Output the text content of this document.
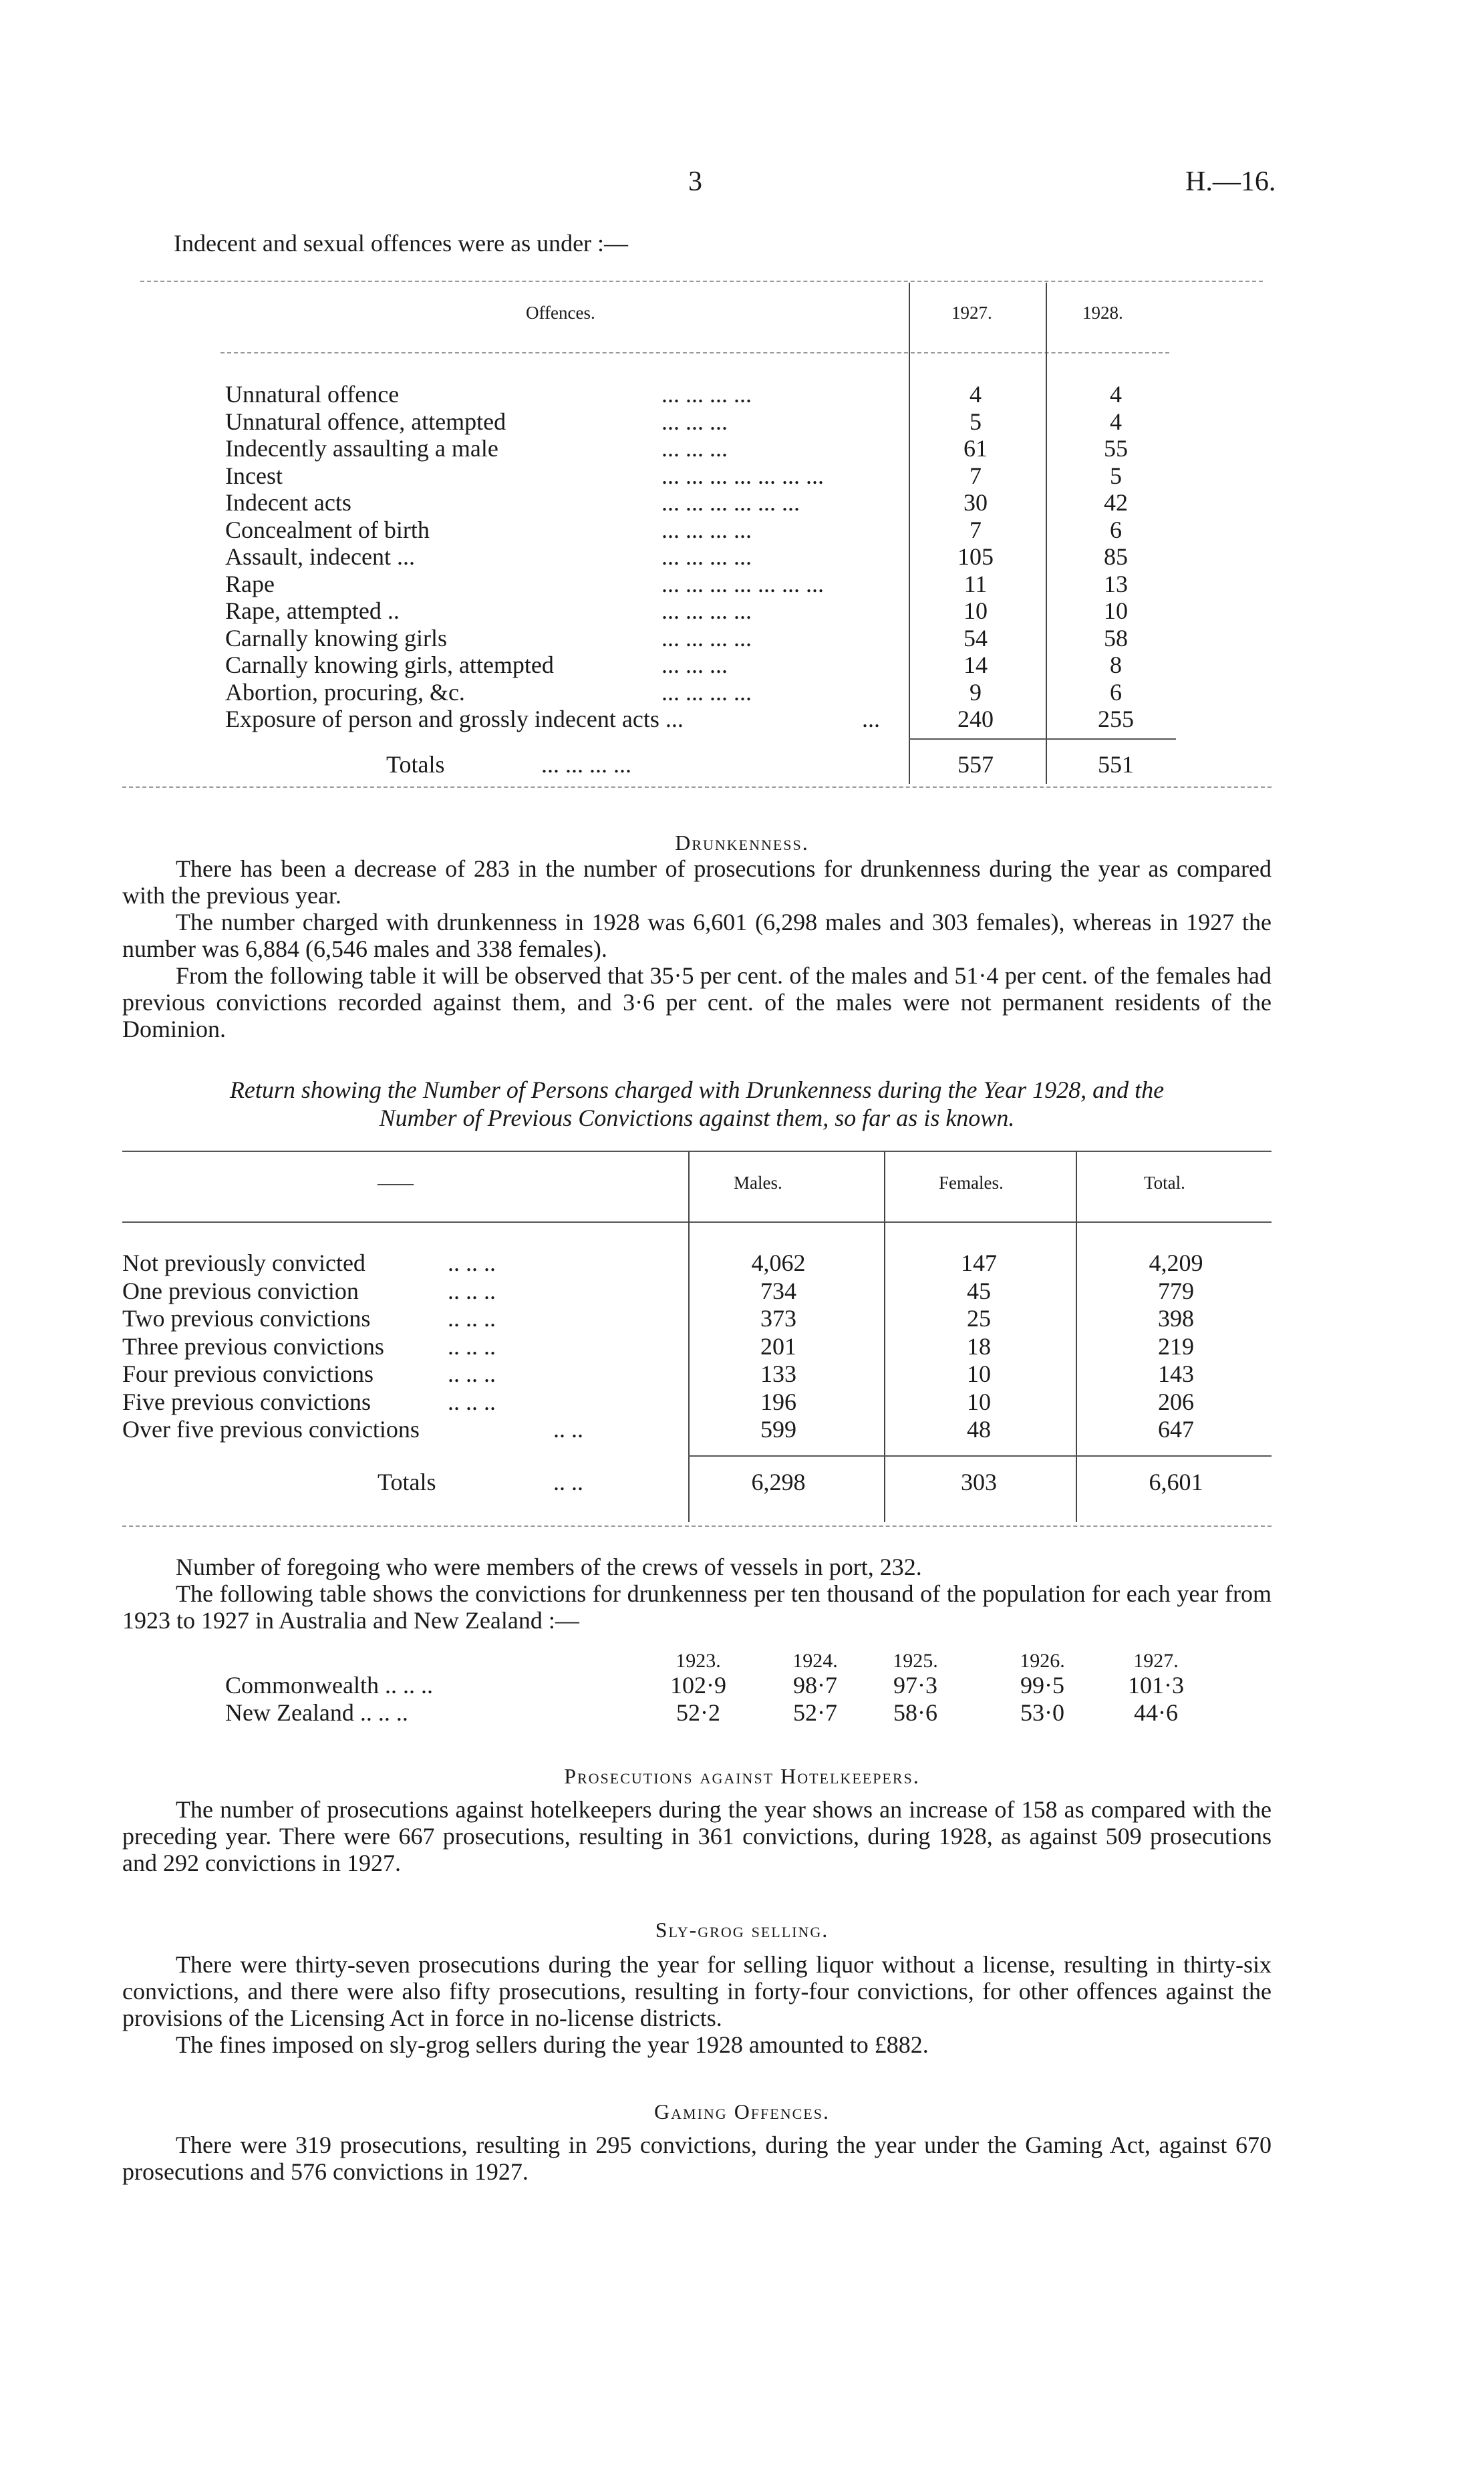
3	H.—16.
Indecent and sexual offences were as under :—
Offences.	1927.	1928.
Unnatural offence	... ... ... ...	4	4
Unnatural offence, attempted	... ... ...	5	4
Indecently assaulting a male	... ... ...	61	55
Incest	... ... ... ... ... ... ...	7	5
Indecent acts	... ... ... ... ... ...	30	42
Concealment of birth	... ... ... ...	7	6
Assault, indecent ...	... ... ... ...	105	85
Rape	... ... ... ... ... ... ...	11	13
Rape, attempted ..	... ... ... ...	10	10
Carnally knowing girls	... ... ... ...	54	58
Carnally knowing girls, attempted	... ... ...	14	8
Abortion, procuring, &c.	... ... ... ...	9	6
Exposure of person and grossly indecent acts ...	...	240	255
Totals	... ... ... ...	557	551
Drunkenness.
There has been a decrease of 283 in the number of prosecutions for drunkenness during the year as compared with the previous year.
The number charged with drunkenness in 1928 was 6,601 (6,298 males and 303 females), whereas in 1927 the number was 6,884 (6,546 males and 338 females).
From the following table it will be observed that 35·5 per cent. of the males and 51·4 per cent. of the females had previous convictions recorded against them, and 3·6 per cent. of the males were not permanent residents of the Dominion.
Return showing the Number of Persons charged with Drunkenness during the Year 1928, and the
Number of Previous Convictions against them, so far as is known.
——	Males.	Females.	Total.
Not previously convicted	.. .. ..	4,062	147	4,209
One previous conviction	.. .. ..	734	45	779
Two previous convictions	.. .. ..	373	25	398
Three previous convictions	.. .. ..	201	18	219
Four previous convictions	.. .. ..	133	10	143
Five previous convictions	.. .. ..	196	10	206
Over five previous convictions	.. ..	599	48	647
Totals	.. ..	6,298	303	6,601
Number of foregoing who were members of the crews of vessels in port, 232.
The following table shows the convictions for drunkenness per ten thousand of the population for each year from 1923 to 1927 in Australia and New Zealand :—
1923.	1924.	1925.	1926.	1927.
Commonwealth .. .. ..	102·9	98·7	97·3	99·5	101·3
New Zealand .. .. ..	52·2	52·7	58·6	53·0	44·6
Prosecutions against Hotelkeepers.
The number of prosecutions against hotelkeepers during the year shows an increase of 158 as compared with the preceding year. There were 667 prosecutions, resulting in 361 convictions, during 1928, as against 509 prosecutions and 292 convictions in 1927.
Sly-grog selling.
There were thirty-seven prosecutions during the year for selling liquor without a license, resulting in thirty-six convictions, and there were also fifty prosecutions, resulting in forty-four convictions, for other offences against the provisions of the Licensing Act in force in no-license districts.
The fines imposed on sly-grog sellers during the year 1928 amounted to £882.
Gaming Offences.
There were 319 prosecutions, resulting in 295 convictions, during the year under the Gaming Act, against 670 prosecutions and 576 convictions in 1927.
